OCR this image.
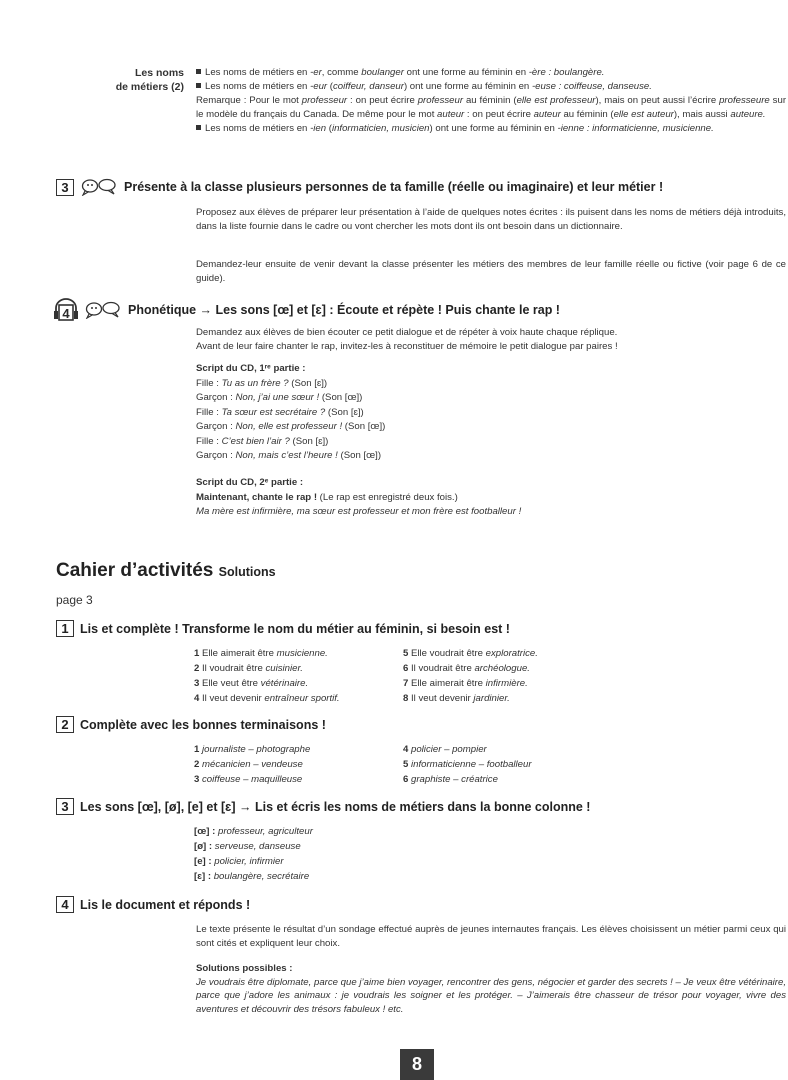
Les noms
de métiers (2)
Les noms de métiers en -er, comme boulanger ont une forme au féminin en -ère : boulangère.
Les noms de métiers en -eur (coiffeur, danseur) ont une forme au féminin en -euse : coiffeuse, danseuse.
Remarque : Pour le mot professeur : on peut écrire professeur au féminin (elle est professeur), mais on peut aussi l’écrire professeure sur le modèle du français du Canada. De même pour le mot auteur : on peut écrire auteur au féminin (elle est auteur), mais aussi auteure.
Les noms de métiers en -ien (informaticien, musicien) ont une forme au féminin en -ienne : informaticienne, musicienne.
3	Présente à la classe plusieurs personnes de ta famille (réelle ou imaginaire) et leur métier !
Proposez aux élèves de préparer leur présentation à l’aide de quelques notes écrites : ils puisent dans les noms de métiers déjà introduits, dans la liste fournie dans le cadre ou vont chercher les mots dont ils ont besoin dans un dictionnaire.
Demandez-leur ensuite de venir devant la classe présenter les métiers des membres de leur famille réelle ou fictive (voir page 6 de ce guide).
4	Phonétique → Les sons [œ] et [ɛ] : Écoute et répète ! Puis chante le rap !
Demandez aux élèves de bien écouter ce petit dialogue et de répéter à voix haute chaque réplique.
Avant de leur faire chanter le rap, invitez-les à reconstituer de mémoire le petit dialogue par paires !
Script du CD, 1ʳᵉ partie :
Fille : Tu as un frère ? (Son [ɛ])
Garçon : Non, j’ai une sœur ! (Son [œ])
Fille : Ta sœur est secrétaire ? (Son [ɛ])
Garçon : Non, elle est professeur ! (Son [œ])
Fille : C’est bien l’air ? (Son [ɛ])
Garçon : Non, mais c’est l’heure ! (Son [œ])
Script du CD, 2ᵉ partie :
Maintenant, chante le rap ! (Le rap est enregistré deux fois.)
Ma mère est infirmière, ma sœur est professeur et mon frère est footballeur !
Cahier d’activités Solutions
page 3
1 Lis et complète ! Transforme le nom du métier au féminin, si besoin est !
1 Elle aimerait être musicienne.
2 Il voudrait être cuisinier.
3 Elle veut être vétérinaire.
4 Il veut devenir entraîneur sportif.
5 Elle voudrait être exploratrice.
6 Il voudrait être archéologue.
7 Elle aimerait être infirmière.
8 Il veut devenir jardinier.
2 Complète avec les bonnes terminaisons !
1 journaliste – photographe
2 mécanicien – vendeuse
3 coiffeuse – maquilleuse
4 policier – pompier
5 informaticienne – footballeur
6 graphiste – créatrice
3 Les sons [œ], [ø], [e] et [ɛ] → Lis et écris les noms de métiers dans la bonne colonne !
[œ] : professeur, agriculteur
[ø] : serveuse, danseuse
[e] : policier, infirmier
[ɛ] : boulangère, secrétaire
4 Lis le document et réponds !
Le texte présente le résultat d’un sondage effectué auprès de jeunes internautes français. Les élèves choisissent un métier parmi ceux qui sont cités et expliquent leur choix.
Solutions possibles :
Je voudrais être diplomate, parce que j’aime bien voyager, rencontrer des gens, négocier et garder des secrets ! – Je veux être vétérinaire, parce que j’adore les animaux : je voudrais les soigner et les protéger. – J’aimerais être chasseur de trésor pour voyager, vivre des aventures et découvrir des trésors fabuleux ! etc.
8
